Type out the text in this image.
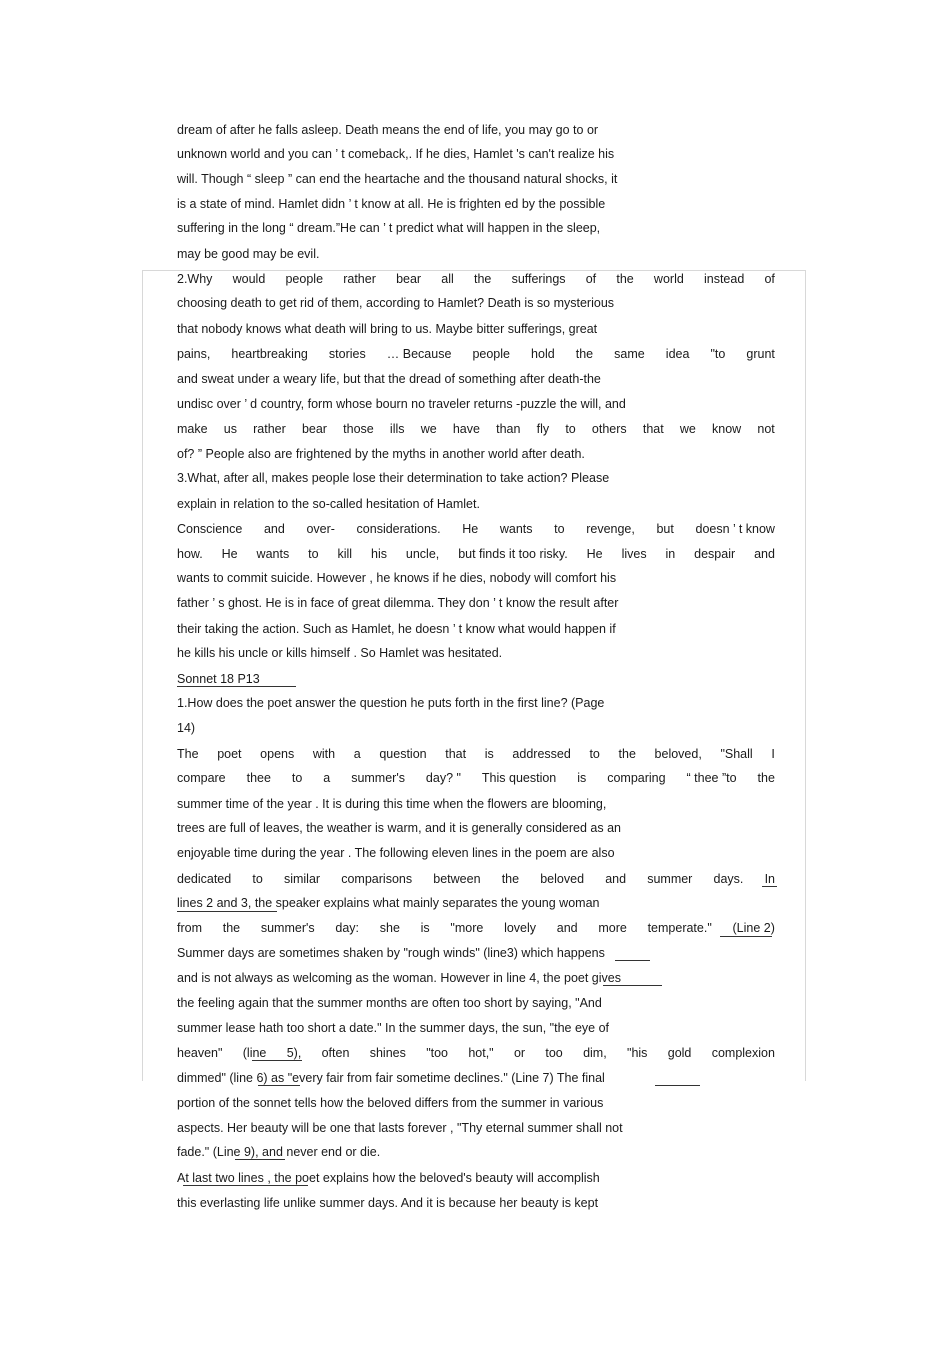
dream of after he falls asleep. Death means the end of life, you may go to or
unknown world and you can ’ t comeback,. If he dies, Hamlet 's can't realize his
will. Though “ sleep ” can end the heartache and the thousand natural shocks, it
is a state of mind. Hamlet didn ’ t know at all. He is frighten ed by the possible
suffering in the long “ dream.”He can ’ t predict what will happen in the sleep,
may be good may be evil.
2.Why would people rather bear all the sufferings of the world instead of
choosing death to get rid of them, according to Hamlet? Death is so mysterious
that nobody knows what death will bring to us. Maybe bitter sufferings, great
pains, heartbreaking stories … Because people hold the same idea "to grunt
and sweat under a weary life, but that the dread of something after death-the
undisc over ’ d country, form whose bourn no traveler returns -puzzle the will, and
make us rather bear those ills we have than fly to others that we know not
of? ” People also are frightened by the myths in another world after death.
3.What, after all, makes people lose their determination to take action? Please
explain in relation to the so-called hesitation of Hamlet.
Conscience and over- considerations. He wants to revenge, but doesn ’ t know
how. He wants to kill his uncle, but finds it too risky. He lives in despair and
wants to commit suicide. However , he knows if he dies, nobody will comfort his
father ’ s ghost. He is in face of great dilemma. They don ’ t know the result after
their taking the action. Such as Hamlet, he doesn ’ t know what would happen if
he kills his uncle or kills himself . So Hamlet was hesitated.
Sonnet 18 P13
1.How does the poet answer the question he puts forth in the first line? (Page
14)
The poet opens with a question that is addressed to the beloved, "Shall I
compare thee to a summer's day? " This question is comparing “ thee ”to the
summer time of the year . It is during this time when the flowers are blooming,
trees are full of leaves, the weather is warm, and it is generally considered as an
enjoyable time during the year . The following eleven lines in the poem are also
dedicated to similar comparisons between the beloved and summer days. In
lines 2 and 3, the speaker explains what mainly separates the young woman
from the summer's day: she is "more lovely and more temperate." (Line 2)
Summer days are sometimes shaken by "rough winds" (line3) which happens
and is not always as welcoming as the woman. However in line 4, the poet gives
the feeling again that the summer months are often too short by saying, "And
summer lease hath too short a date." In the summer days, the sun, "the eye of
heaven" (line 5), often shines "too hot," or too dim, "his gold complexion
dimmed" (line 6) as "every fair from fair sometime declines." (Line 7) The final
portion of the sonnet tells how the beloved differs from the summer in various
aspects. Her beauty will be one that lasts forever , "Thy eternal summer shall not
fade." (Line 9), and never end or die.
At last two lines , the poet explains how the beloved's beauty will accomplish
this everlasting life unlike summer days. And it is because her beauty is kept
